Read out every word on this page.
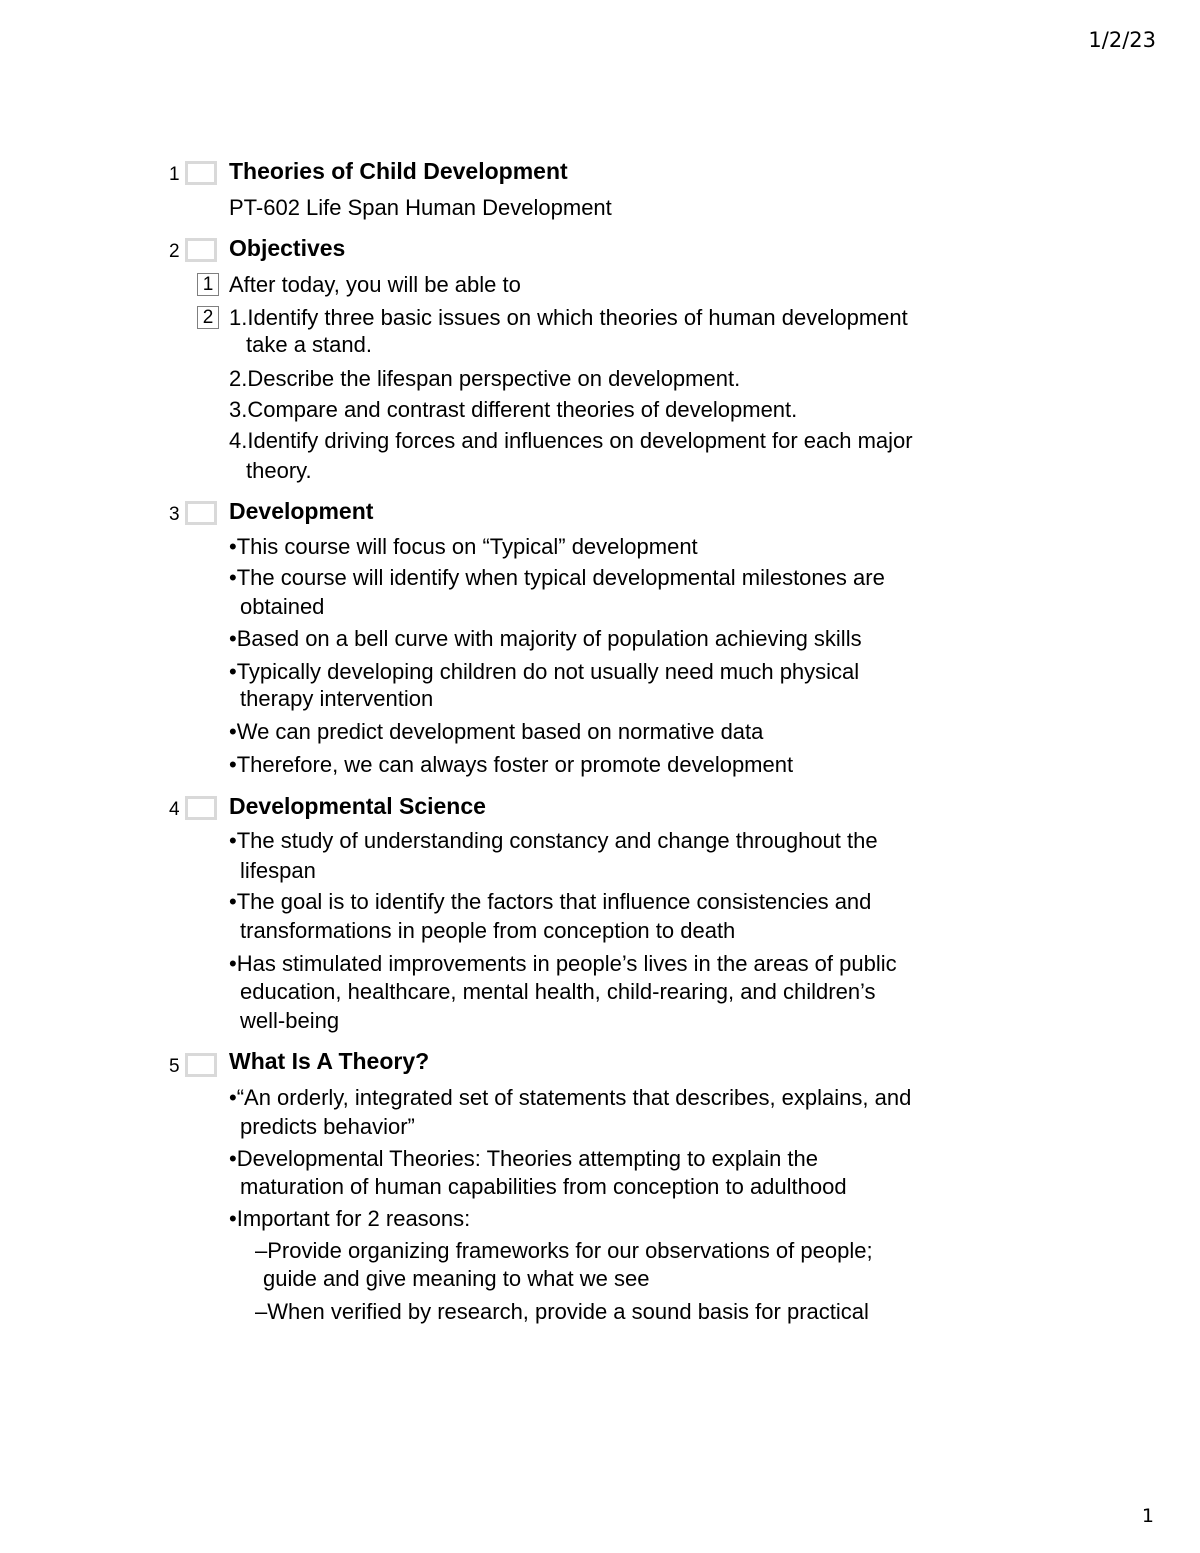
1/2/23
1 Theories of Child Development
PT-602 Life Span Human Development
2 Objectives
1 After today, you will be able to
2 1.Identify three basic issues on which theories of human development
take a stand.
2.Describe the lifespan perspective on development.
3.Compare and contrast different theories of development.
4.Identify driving forces and influences on development for each major
theory.
3 Development
•This course will focus on “Typical” development
•The course will identify when typical developmental milestones are
obtained
•Based on a bell curve with majority of population achieving skills
•Typically developing children do not usually need much physical
therapy intervention
•We can predict development based on normative data
•Therefore, we can always foster or promote development
4 Developmental Science
•The study of understanding constancy and change throughout the
lifespan
•The goal is to identify the factors that influence consistencies and
transformations in people from conception to death
•Has stimulated improvements in people’s lives in the areas of public
education, healthcare, mental health, child-rearing, and children’s
well-being
5 What Is A Theory?
•“An orderly, integrated set of statements that describes, explains, and
predicts behavior”
•Developmental Theories: Theories attempting to explain the
maturation of human capabilities from conception to adulthood
•Important for 2 reasons:
–Provide organizing frameworks for our observations of people;
guide and give meaning to what we see
–When verified by research, provide a sound basis for practical
1
